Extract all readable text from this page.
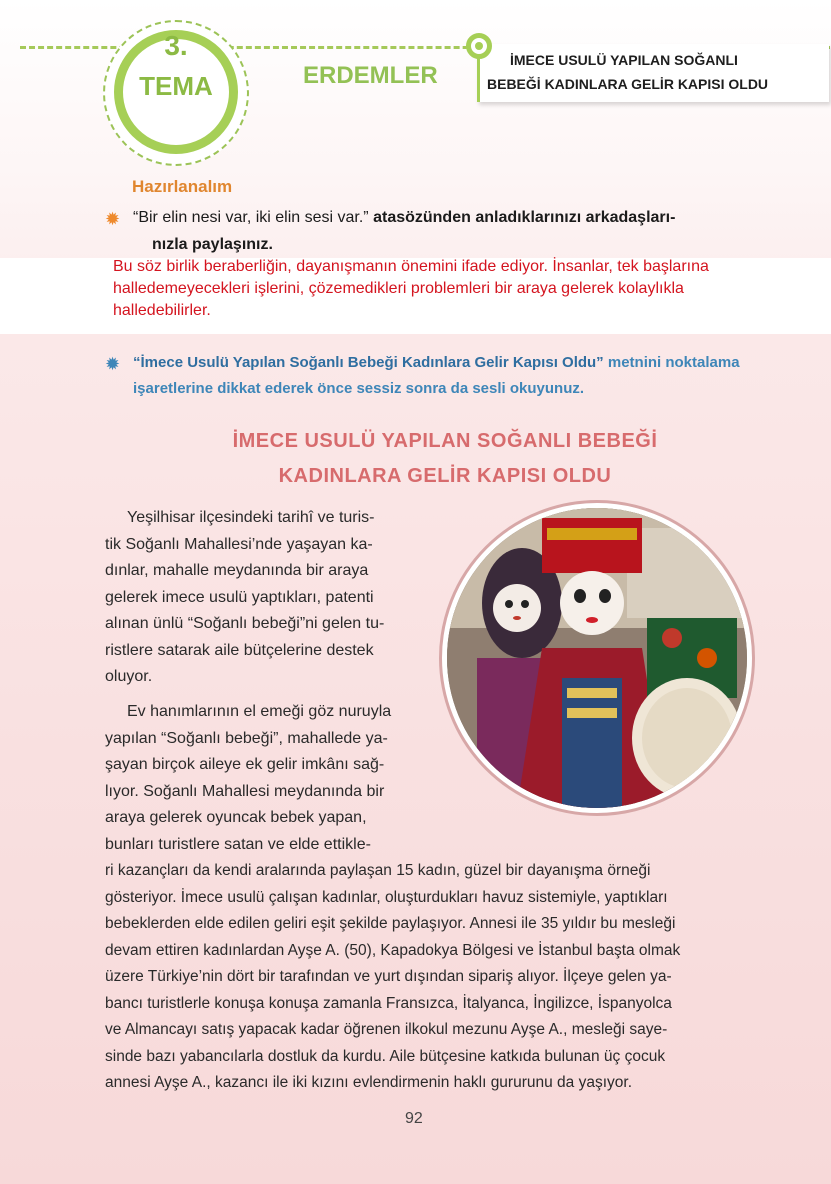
3.
TEMA	ERDEMLER
İMECE USULÜ YAPILAN SOĞANLI
BEBEĞİ KADINLARA GELİR KAPISI OLDU
Hazırlanalım
✹ “Bir elin nesi var, iki elin sesi var.” atasözünden anladıklarınızı arkadaşları-
nızla paylaşınız.
Bu söz birlik beraberliğin, dayanışmanın önemini ifade ediyor. İnsanlar, tek başlarına halledemeyecekleri işlerini, çözemedikleri problemleri bir araya gelerek kolaylıkla halledebilirler.
✹ “İmece Usulü Yapılan Soğanlı Bebeği Kadınlara Gelir Kapısı Oldu” metnini noktalama işaretlerine dikkat ederek önce sessiz sonra da sesli okuyunuz.
İMECE USULÜ YAPILAN SOĞANLI BEBEĞİ
KADINLARA GELİR KAPISI OLDU
Yeşilhisar ilçesindeki tarihî ve turis-
tik Soğanlı Mahallesi’nde yaşayan ka-
dınlar, mahalle meydanında bir araya
gelerek imece usulü yaptıkları, patenti
alınan ünlü “Soğanlı bebeği”ni gelen tu-
ristlere satarak aile bütçelerine destek
oluyor.
Ev hanımlarının el emeği göz nuruyla
yapılan “Soğanlı bebeği”, mahallede ya-
şayan birçok aileye ek gelir imkânı sağ-
lıyor. Soğanlı Mahallesi meydanında bir
araya gelerek oyuncak bebek yapan,
bunları turistlere satan ve elde ettikle-
ri kazançları da kendi aralarında paylaşan 15 kadın, güzel bir dayanışma örneği
gösteriyor. İmece usulü çalışan kadınlar, oluşturdukları havuz sistemiyle, yaptıkları
bebeklerden elde edilen geliri eşit şekilde paylaşıyor. Annesi ile 35 yıldır bu mesleği
devam ettiren kadınlardan Ayşe A. (50), Kapadokya Bölgesi ve İstanbul başta olmak
üzere Türkiye’nin dört bir tarafından ve yurt dışından sipariş alıyor. İlçeye gelen ya-
bancı turistlerle konuşa konuşa zamanla Fransızca, İtalyanca, İngilizce, İspanyolca
ve Almancayı satış yapacak kadar öğrenen ilkokul mezunu Ayşe A., mesleği saye-
sinde bazı yabancılarla dostluk da kurdu. Aile bütçesine katkıda bulunan üç çocuk
annesi Ayşe A., kazancı ile iki kızını evlendirmenin haklı gururunu da yaşıyor.
92
